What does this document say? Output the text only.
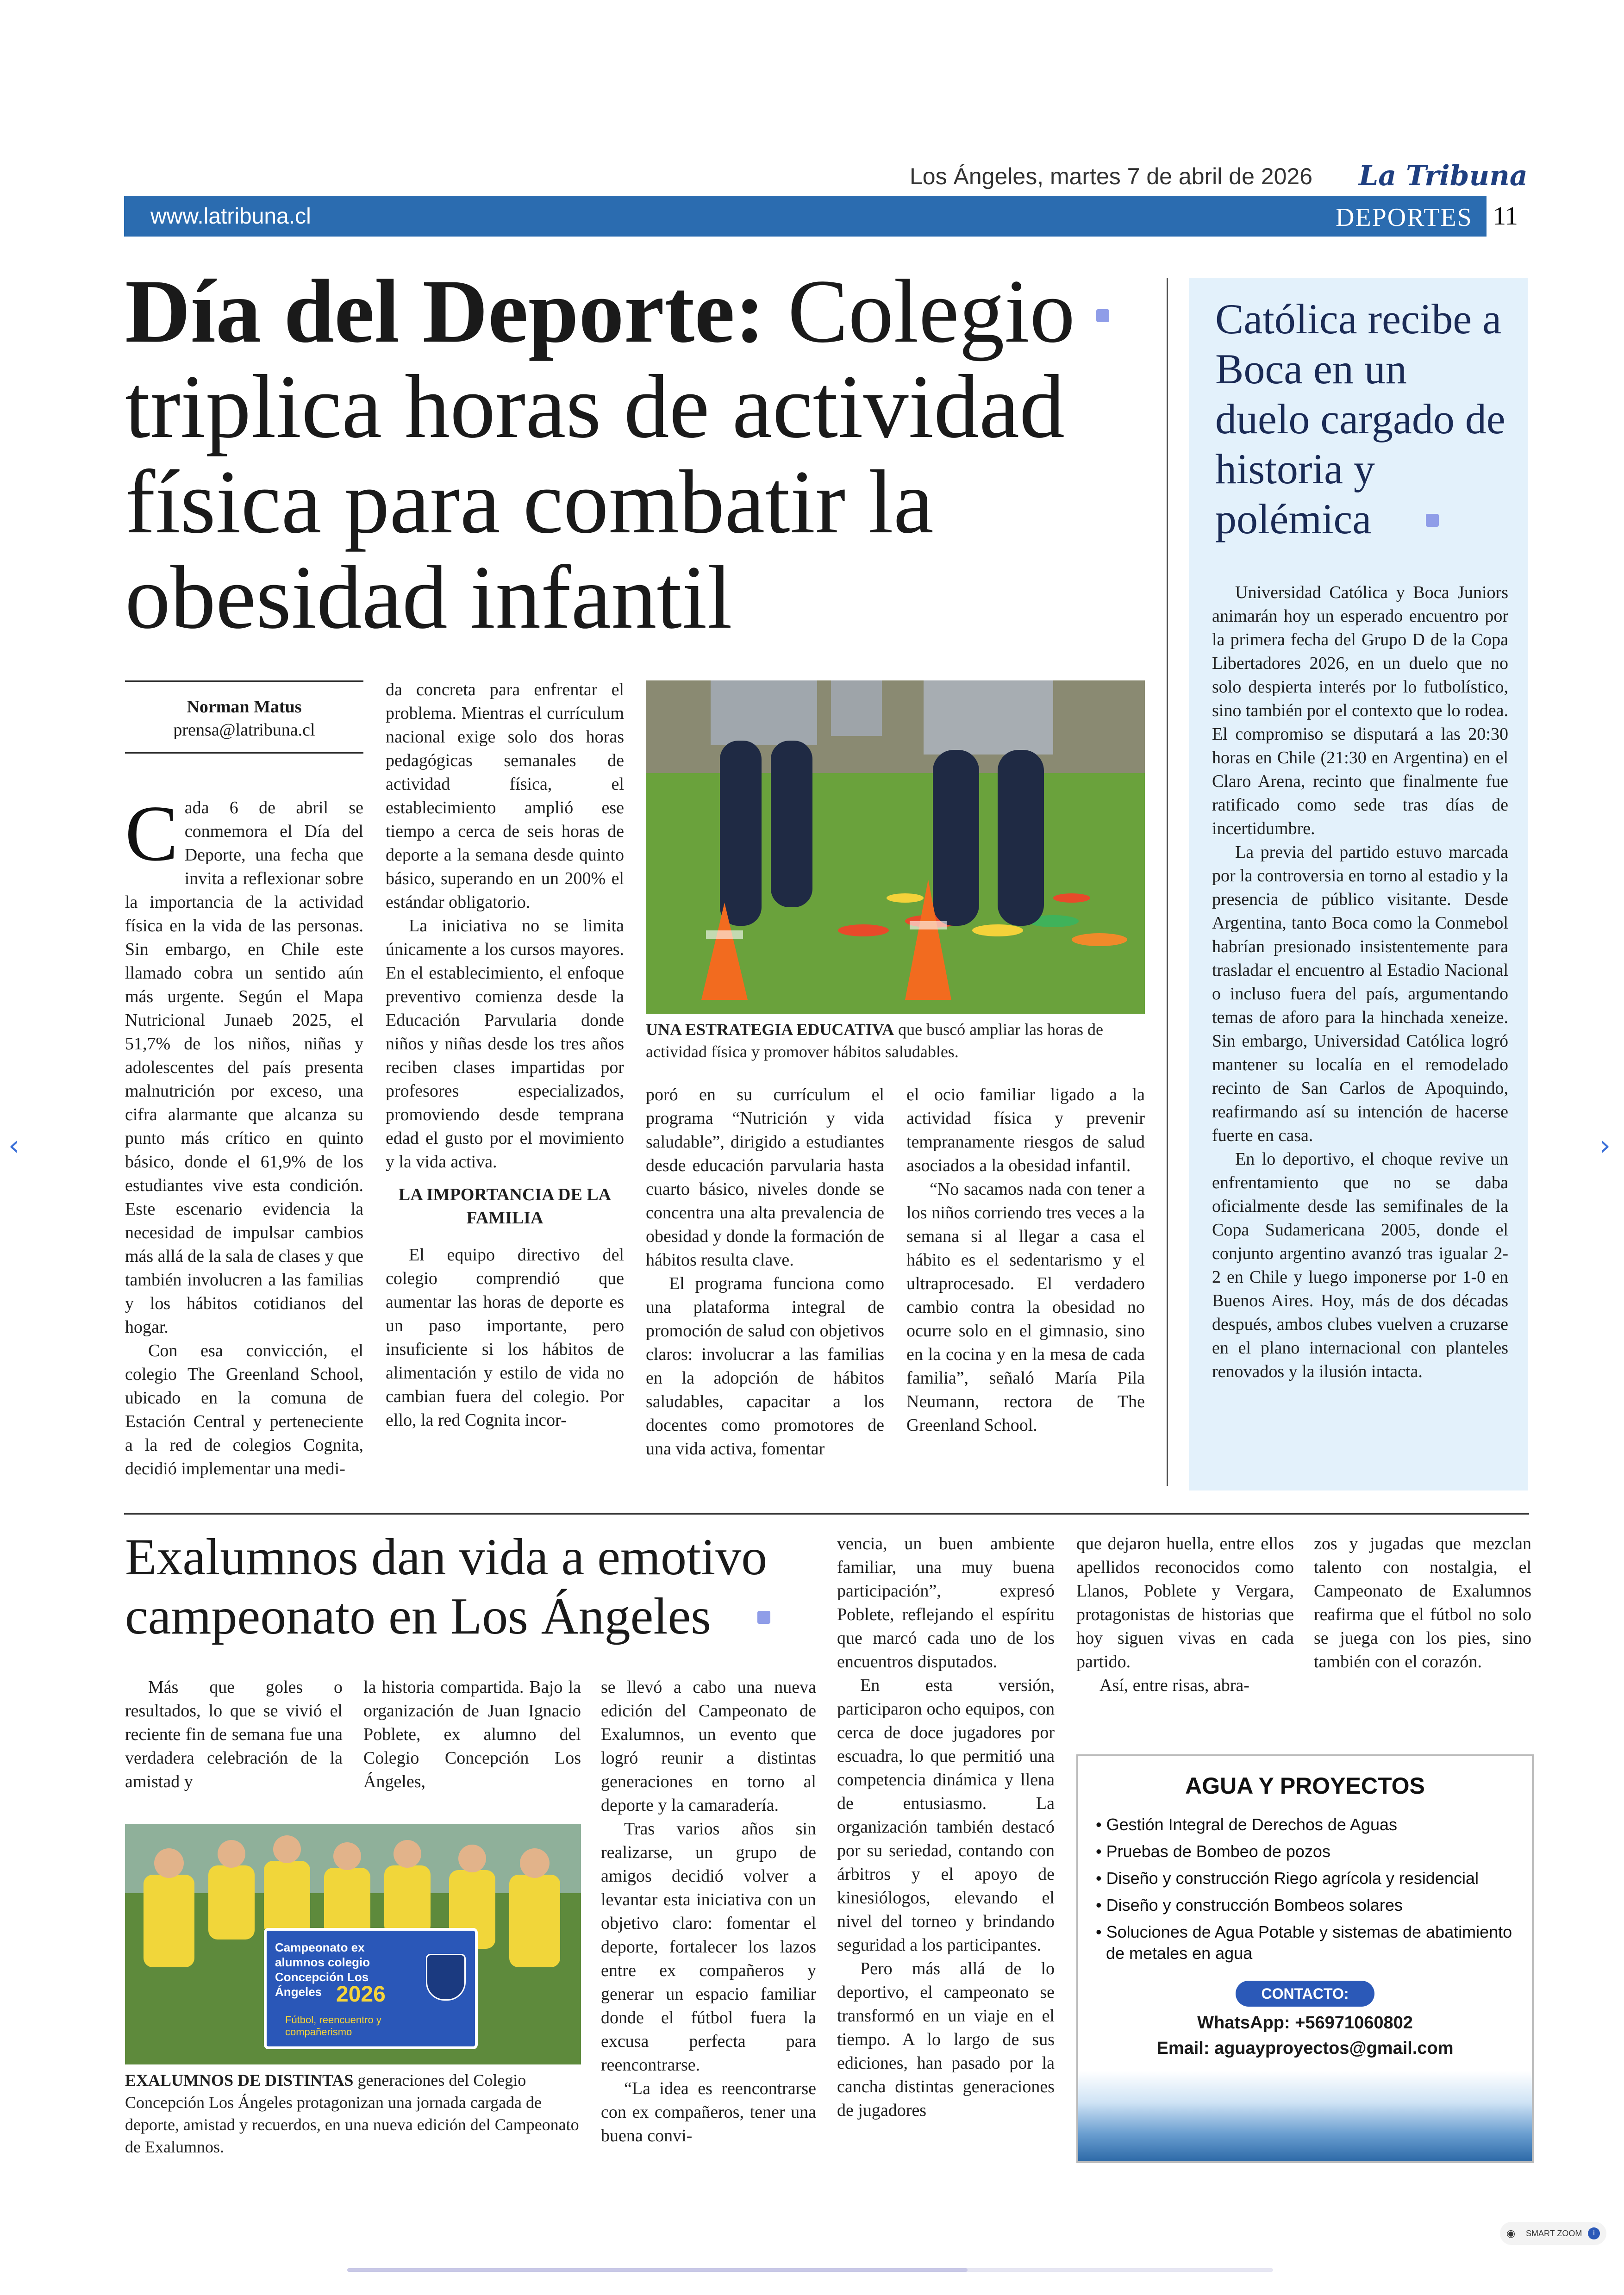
Los Ángeles, martes 7 de abril de 2026 La Tribuna
www.latribuna.cl	DEPORTES 11
Día del Deporte: Colegio triplica horas de actividad física para combatir la obesidad infantil
Norman Matus
prensa@latribuna.cl
C ada 6 de abril se conmemora el Día del Deporte, una fecha que invita a reflexionar sobre la importancia de la actividad física en la vida de las personas. Sin embargo, en Chile este llamado cobra un sentido aún más urgente. Según el Mapa Nutricional Junaeb 2025, el 51,7% de los niños, niñas y adolescentes del país presenta malnutrición por exceso, una cifra alarmante que alcanza su punto más crítico en quinto básico, donde el 61,9% de los estudiantes vive esta condición. Este escenario evidencia la necesidad de impulsar cambios más allá de la sala de clases y que también involucren a las familias y los hábitos cotidianos del hogar.

Con esa convicción, el colegio The Greenland School, ubicado en la comuna de Estación Central y perteneciente a la red de colegios Cognita, decidió implementar una medi-

da concreta para enfrentar el problema. Mientras el currículum nacional exige solo dos horas pedagógicas semanales de actividad física, el establecimiento amplió ese tiempo a cerca de seis horas de deporte a la semana desde quinto básico, superando en un 200% el estándar obligatorio.

La iniciativa no se limita únicamente a los cursos mayores. En el establecimiento, el enfoque preventivo comienza desde la Educación Parvularia donde niños y niñas desde los tres años reciben clases impartidas por profesores especializados, promoviendo desde temprana edad el gusto por el movimiento y la vida activa.

LA IMPORTANCIA DE LA FAMILIA

El equipo directivo del colegio comprendió que aumentar las horas de deporte es un paso importante, pero insuficiente si los hábitos de alimentación y estilo de vida no cambian fuera del colegio. Por ello, la red Cognita incor-

UNA ESTRATEGIA EDUCATIVA que buscó ampliar las horas de actividad física y promover hábitos saludables.

poró en su currículum el programa “Nutrición y vida saludable”, dirigido a estudiantes desde educación parvularia hasta cuarto básico, niveles donde se concentra una alta prevalencia de obesidad y donde la formación de hábitos resulta clave.

El programa funciona como una plataforma integral de promoción de salud con objetivos claros: involucrar a las familias en la adopción de hábitos saludables, capacitar a los docentes como promotores de una vida activa, fomentar

el ocio familiar ligado a la actividad física y prevenir tempranamente riesgos de salud asociados a la obesidad infantil.

“No sacamos nada con tener a los niños corriendo tres veces a la semana si al llegar a casa el hábito es el sedentarismo y el ultraprocesado. El verdadero cambio contra la obesidad no ocurre solo en el gimnasio, sino en la cocina y en la mesa de cada familia”, señaló María Pila Neumann, rectora de The Greenland School.

Católica recibe a Boca en un duelo cargado de historia y polémica

Universidad Católica y Boca Juniors animarán hoy un esperado encuentro por la primera fecha del Grupo D de la Copa Libertadores 2026, en un duelo que no solo despierta interés por lo futbolístico, sino también por el contexto que lo rodea. El compromiso se disputará a las 20:30 horas en Chile (21:30 en Argentina) en el Claro Arena, recinto que finalmente fue ratificado como sede tras días de incertidumbre.

La previa del partido estuvo marcada por la controversia en torno al estadio y la presencia de público visitante. Desde Argentina, tanto Boca como la Conmebol habrían presionado insistentemente para trasladar el encuentro al Estadio Nacional o incluso fuera del país, argumentando temas de aforo para la hinchada xeneize. Sin embargo, Universidad Católica logró mantener su localía en el remodelado recinto de San Carlos de Apoquindo, reafirmando así su intención de hacerse fuerte en casa.

En lo deportivo, el choque revive un enfrentamiento que no se daba oficialmente desde las semifinales de la Copa Sudamericana 2005, donde el conjunto argentino avanzó tras igualar 2-2 en Chile y luego imponerse por 1-0 en Buenos Aires. Hoy, más de dos décadas después, ambos clubes vuelven a cruzarse en el plano internacional con planteles renovados y la ilusión intacta.

Exalumnos dan vida a emotivo campeonato en Los Ángeles

Más que goles o resultados, lo que se vivió el reciente fin de semana fue una verdadera celebración de la amistad y

la historia compartida. Bajo la organización de Juan Ignacio Poblete, ex alumno del Colegio Concepción Los Ángeles,

Campeonato ex alumnos colegio Concepción Los Ángeles 2026
Fútbol, reencuentro y compañerismo
EXALUMNOS DE DISTINTAS generaciones del Colegio Concepción Los Ángeles protagonizan una jornada cargada de deporte, amistad y recuerdos, en una nueva edición del Campeonato de Exalumnos.

se llevó a cabo una nueva edición del Campeonato de Exalumnos, un evento que logró reunir a distintas generaciones en torno al deporte y la camaradería.

Tras varios años sin realizarse, un grupo de amigos decidió volver a levantar esta iniciativa con un objetivo claro: fomentar el deporte, fortalecer los lazos entre ex compañeros y generar un espacio familiar donde el fútbol fuera la excusa perfecta para reencontrarse.

“La idea es reencontrarse con ex compañeros, tener una buena convi-

vencia, un buen ambiente familiar, una muy buena participación”, expresó Poblete, reflejando el espíritu que marcó cada uno de los encuentros disputados.

En esta versión, participaron ocho equipos, con cerca de doce jugadores por escuadra, lo que permitió una competencia dinámica y llena de entusiasmo. La organización también destacó por su seriedad, contando con árbitros y el apoyo de kinesiólogos, elevando el nivel del torneo y brindando seguridad a los participantes.

Pero más allá de lo deportivo, el campeonato se transformó en un viaje en el tiempo. A lo largo de sus ediciones, han pasado por la cancha distintas generaciones de jugadores

que dejaron huella, entre ellos apellidos reconocidos como Llanos, Poblete y Vergara, protagonistas de historias que hoy siguen vivas en cada partido.

Así, entre risas, abra-

zos y jugadas que mezclan talento con nostalgia, el Campeonato de Exalumnos reafirma que el fútbol no solo se juega con los pies, sino también con el corazón.

AGUA Y PROYECTOS
• Gestión Integral de Derechos de Aguas
• Pruebas de Bombeo de pozos
• Diseño y construcción Riego agrícola y residencial
• Diseño y construcción Bombeos solares
• Soluciones de Agua Potable y sistemas de abatimiento de metales en agua
CONTACTO:
WhatsApp: +56971060802
Email: aguayproyectos@gmail.com
‹	›
◉ SMART ZOOM	i
